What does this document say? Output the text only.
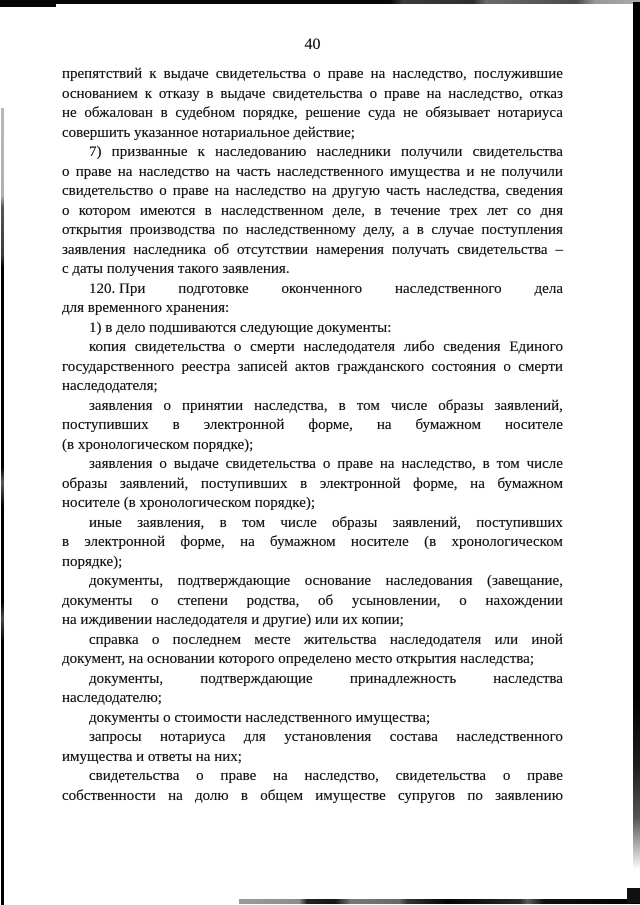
40
препятствий к выдаче свидетельства о праве на наследство, послужившие
основанием к отказу в выдаче свидетельства о праве на наследство, отказ
не обжалован в судебном порядке, решение суда не обязывает нотариуса
совершить указанное нотариальное действие;
7) призванные к наследованию наследники получили свидетельства
о праве на наследство на часть наследственного имущества и не получили
свидетельство о праве на наследство на другую часть наследства, сведения
о котором имеются в наследственном деле, в течение трех лет со дня
открытия производства по наследственному делу, а в случае поступления
заявления наследника об отсутствии намерения получать свидетельства –
с даты получения такого заявления.
120. При подготовке оконченного наследственного дела
для временного хранения:
1) в дело подшиваются следующие документы:
копия свидетельства о смерти наследодателя либо сведения Единого
государственного реестра записей актов гражданского состояния о смерти
наследодателя;
заявления о принятии наследства, в том числе образы заявлений,
поступивших в электронной форме, на бумажном носителе
(в хронологическом порядке);
заявления о выдаче свидетельства о праве на наследство, в том числе
образы заявлений, поступивших в электронной форме, на бумажном
носителе (в хронологическом порядке);
иные заявления, в том числе образы заявлений, поступивших
в электронной форме, на бумажном носителе (в хронологическом
порядке);
документы, подтверждающие основание наследования (завещание,
документы о степени родства, об усыновлении, о нахождении
на иждивении наследодателя и другие) или их копии;
справка о последнем месте жительства наследодателя или иной
документ, на основании которого определено место открытия наследства;
документы, подтверждающие принадлежность наследства
наследодателю;
документы о стоимости наследственного имущества;
запросы нотариуса для установления состава наследственного
имущества и ответы на них;
свидетельства о праве на наследство, свидетельства о праве
собственности на долю в общем имуществе супругов по заявлению
